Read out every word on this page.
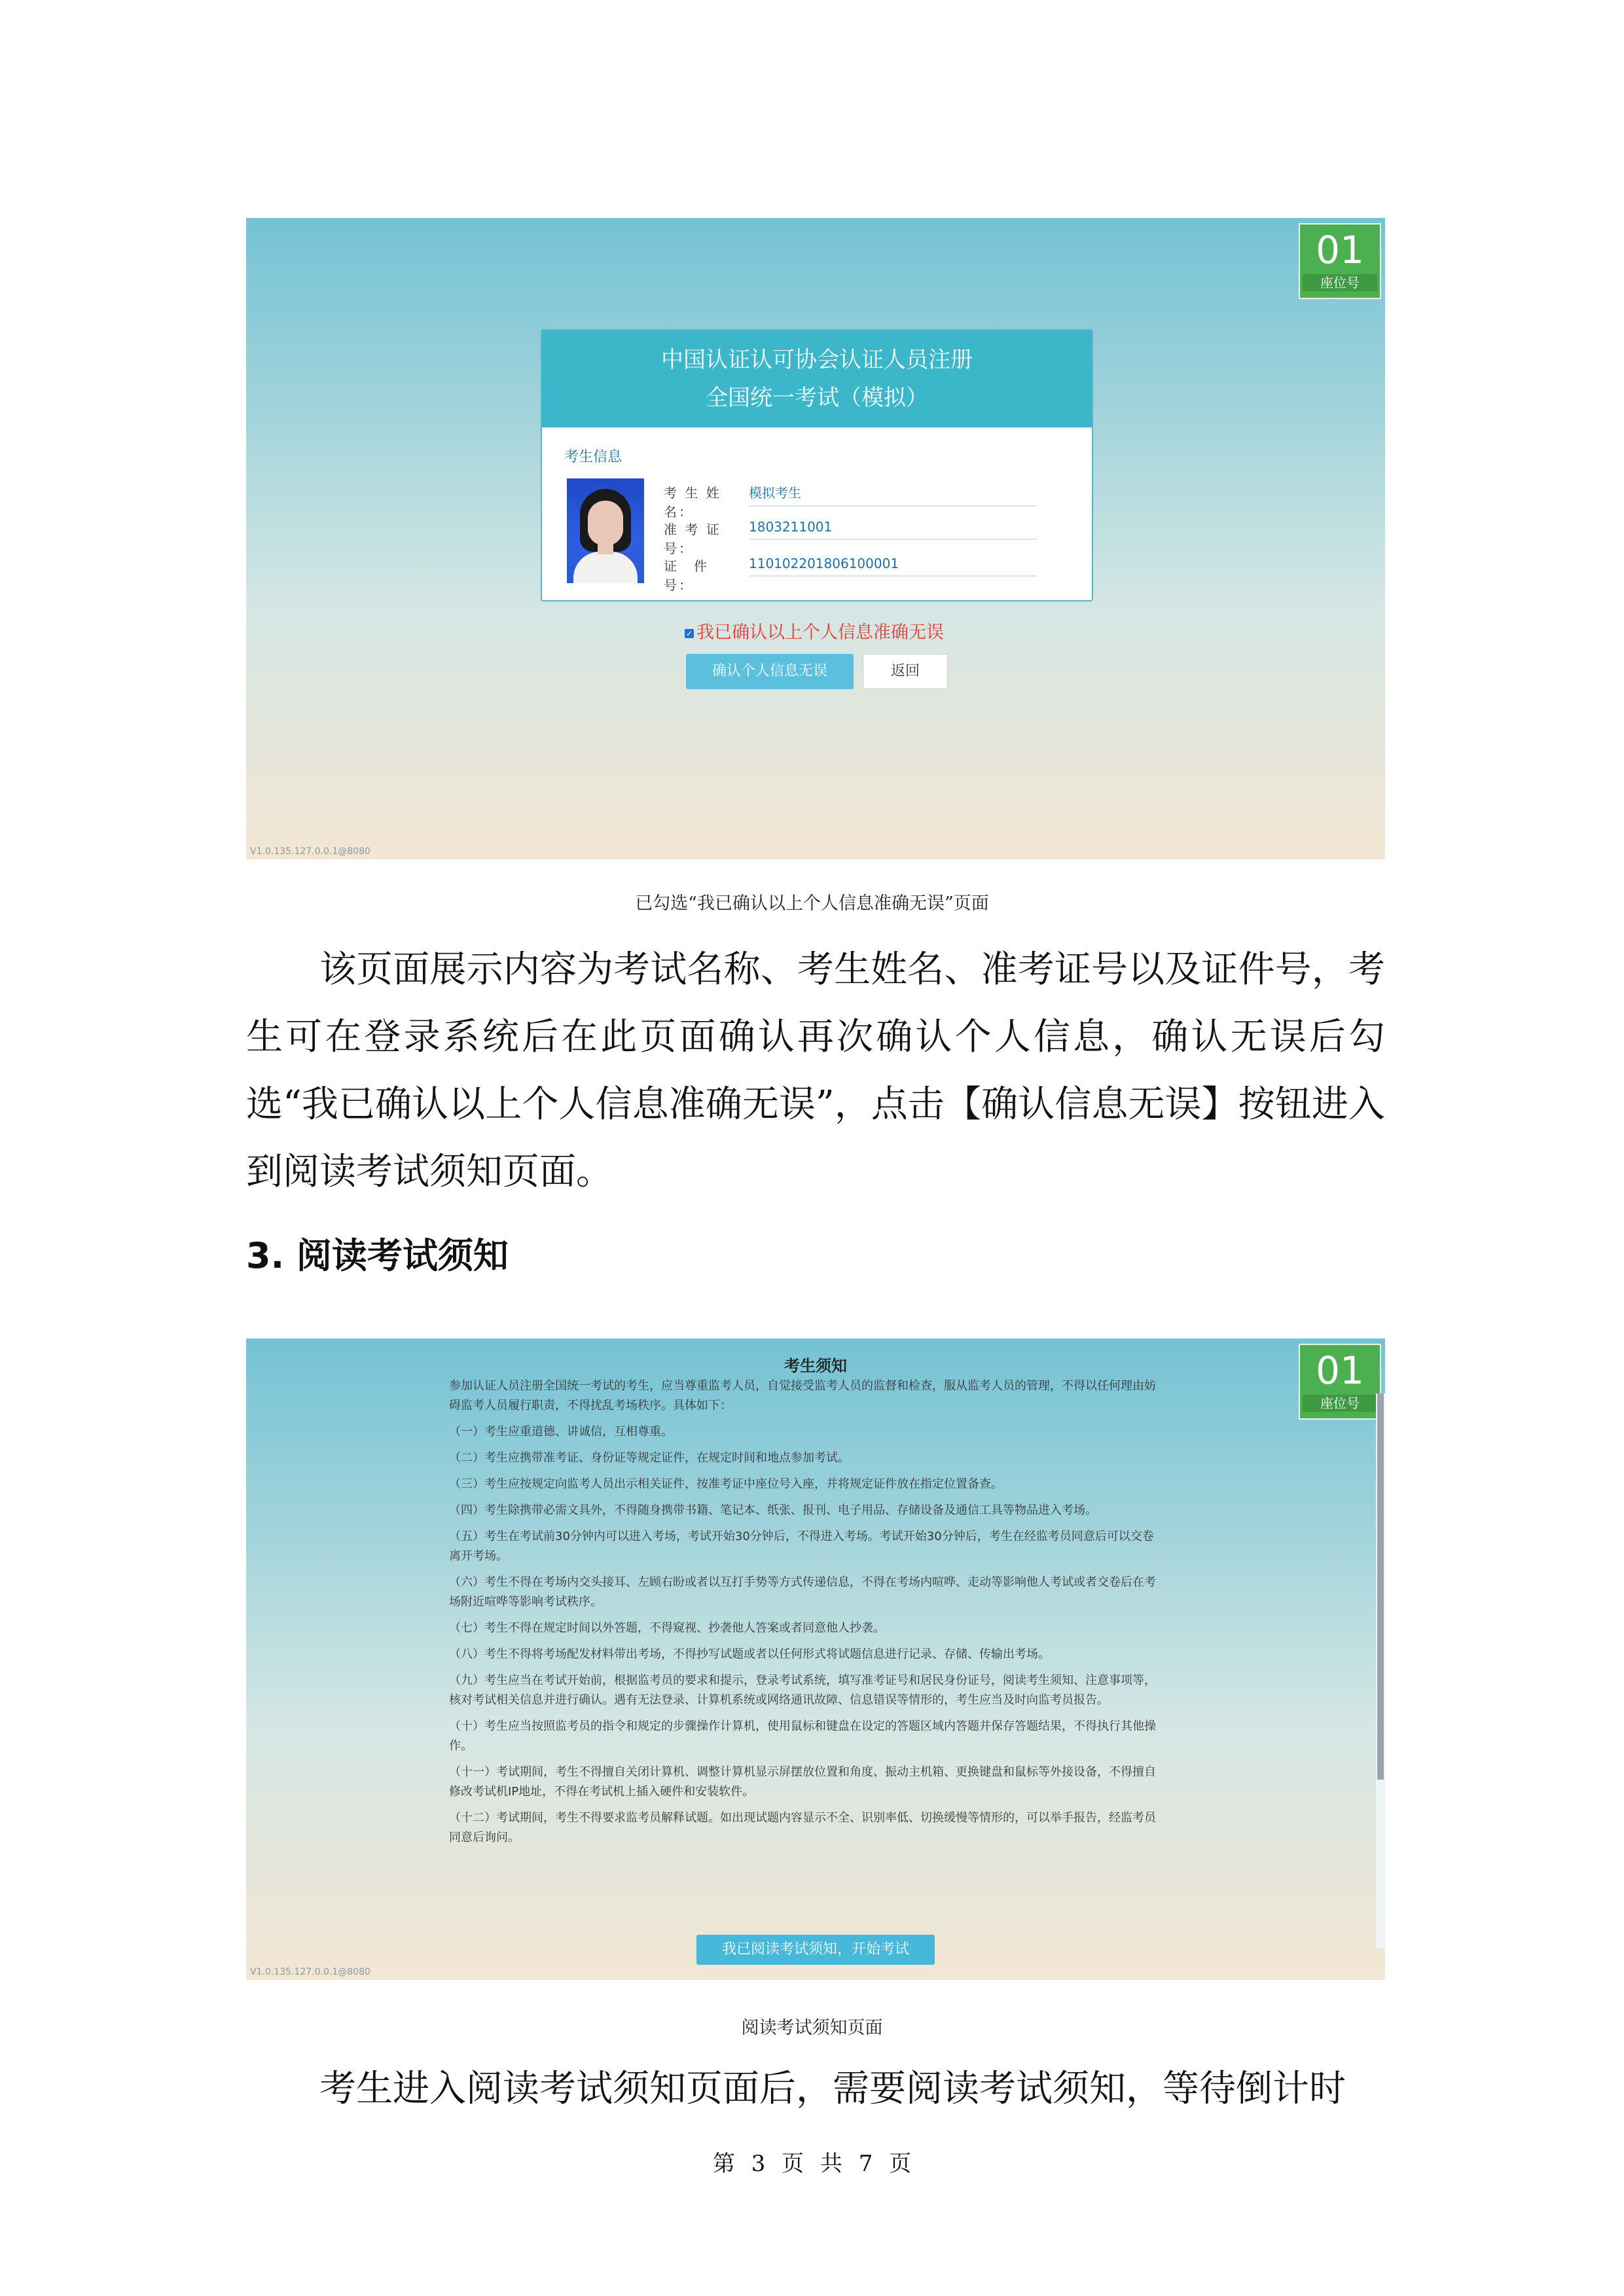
01
座位号
中国认证认可协会认证人员注册
全国统一考试（模拟）
考生信息
考 生 姓 名：
模拟考生
准 考 证 号：
1803211001
证　件　号：
110102201806100001
✓ 我已确认以上个人信息准确无误
确认个人信息无误	返回
V1.0.135.127.0.0.1@8080
已勾选“我已确认以上个人信息准确无误”页面
该页面展示内容为考试名称、考生姓名、准考证号以及证件号，考生可在登录系统后在此页面确认再次确认个人信息，确认无误后勾选“我已确认以上个人信息准确无误”，点击【确认信息无误】按钮进入到阅读考试须知页面。
3. 阅读考试须知
考生须知

参加认证人员注册全国统一考试的考生，应当尊重监考人员，自觉接受监考人员的监督和检查，服从监考人员的管理，不得以任何理由妨碍监考人员履行职责，不得扰乱考场秩序。具体如下：

（一）考生应重道德、讲诚信，互相尊重。

（二）考生应携带准考证、身份证等规定证件，在规定时间和地点参加考试。

（三）考生应按规定向监考人员出示相关证件，按准考证中座位号入座，并将规定证件放在指定位置备查。

（四）考生除携带必需文具外，不得随身携带书籍、笔记本、纸张、报刊、电子用品、存储设备及通信工具等物品进入考场。

（五）考生在考试前30分钟内可以进入考场，考试开始30分钟后，不得进入考场。考试开始30分钟后，考生在经监考员同意后可以交卷离开考场。

（六）考生不得在考场内交头接耳、左顾右盼或者以互打手势等方式传递信息，不得在考场内喧哗、走动等影响他人考试或者交卷后在考场附近喧哗等影响考试秩序。

（七）考生不得在规定时间以外答题，不得窥视、抄袭他人答案或者同意他人抄袭。

（八）考生不得将考场配发材料带出考场，不得抄写试题或者以任何形式将试题信息进行记录、存储、传输出考场。

（九）考生应当在考试开始前，根据监考员的要求和提示，登录考试系统，填写准考证号和居民身份证号，阅读考生须知、注意事项等，核对考试相关信息并进行确认。遇有无法登录、计算机系统或网络通讯故障、信息错误等情形的，考生应当及时向监考员报告。

（十）考生应当按照监考员的指令和规定的步骤操作计算机，使用鼠标和键盘在设定的答题区域内答题并保存答题结果，不得执行其他操作。

（十一）考试期间，考生不得擅自关闭计算机、调整计算机显示屏摆放位置和角度、振动主机箱、更换键盘和鼠标等外接设备，不得擅自修改考试机IP地址，不得在考试机上插入硬件和安装软件。

（十二）考试期间，考生不得要求监考员解释试题。如出现试题内容显示不全、识别率低、切换缓慢等情形的，可以举手报告，经监考员同意后询问。

01
座位号
我已阅读考试须知，开始考试
V1.0.135.127.0.0.1@8080
阅读考试须知页面
考生进入阅读考试须知页面后，需要阅读考试须知，等待倒计时
第 3 页 共 7 页
